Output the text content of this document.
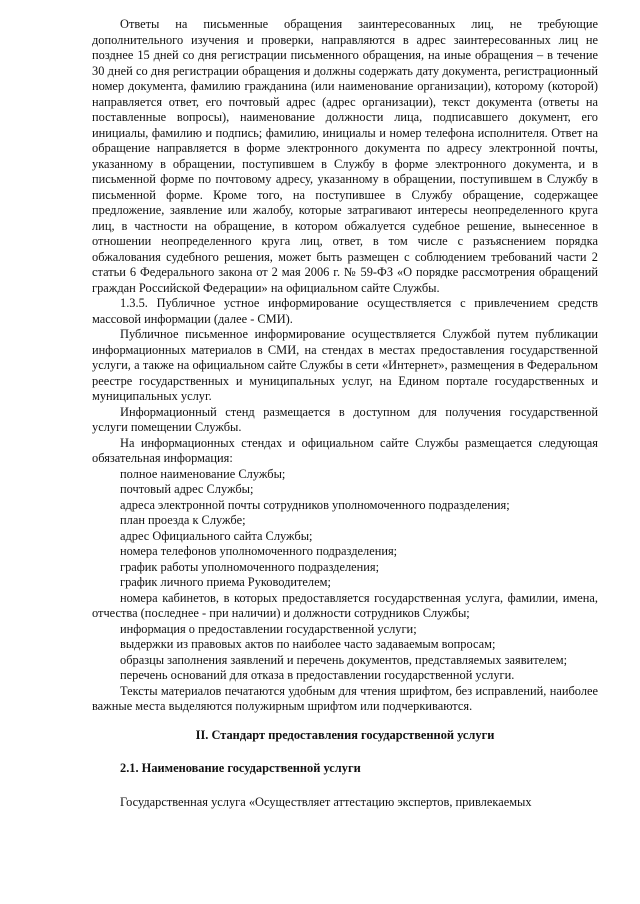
Ответы на письменные обращения заинтересованных лиц, не требующие дополнительного изучения и проверки, направляются в адрес заинтересованных лиц не позднее 15 дней со дня регистрации письменного обращения, на иные обращения – в течение 30 дней со дня регистрации обращения и должны содержать дату документа, регистрационный номер документа, фамилию гражданина (или наименование организации), которому (которой) направляется ответ, его почтовый адрес (адрес организации), текст документа (ответы на поставленные вопросы), наименование должности лица, подписавшего документ, его инициалы, фамилию и подпись; фамилию, инициалы и номер телефона исполнителя. Ответ на обращение направляется в форме электронного документа по адресу электронной почты, указанному в обращении, поступившем в Службу в форме электронного документа, и в письменной форме по почтовому адресу, указанному в обращении, поступившем в Службу в письменной форме. Кроме того, на поступившее в Службу обращение, содержащее предложение, заявление или жалобу, которые затрагивают интересы неопределенного круга лиц, в частности на обращение, в котором обжалуется судебное решение, вынесенное в отношении неопределенного круга лиц, ответ, в том числе с разъяснением порядка обжалования судебного решения, может быть размещен с соблюдением требований части 2 статьи 6 Федерального закона от 2 мая 2006 г. № 59-ФЗ «О порядке рассмотрения обращений граждан Российской Федерации» на официальном сайте Службы.

1.3.5. Публичное устное информирование осуществляется с привлечением средств массовой информации (далее - СМИ).

Публичное письменное информирование осуществляется Службой путем публикации информационных материалов в СМИ, на стендах в местах предоставления государственной услуги, а также на официальном сайте Службы в сети «Интернет», размещения в Федеральном реестре государственных и муниципальных услуг, на Едином портале государственных и муниципальных услуг.

Информационный стенд размещается в доступном для получения государственной услуги помещении Службы.

На информационных стендах и официальном сайте Службы размещается следующая обязательная информация:

полное наименование Службы;

почтовый адрес Службы;

адреса электронной почты сотрудников уполномоченного подразделения;

план проезда к Службе;

адрес Официального сайта Службы;

номера телефонов уполномоченного подразделения;

график работы уполномоченного подразделения;

график личного приема Руководителем;

номера кабинетов, в которых предоставляется государственная услуга, фамилии, имена, отчества (последнее - при наличии) и должности сотрудников Службы;

информация о предоставлении государственной услуги;

выдержки из правовых актов по наиболее часто задаваемым вопросам;

образцы заполнения заявлений и перечень документов, представляемых заявителем;

перечень оснований для отказа в предоставлении государственной услуги.

Тексты материалов печатаются удобным для чтения шрифтом, без исправлений, наиболее важные места выделяются полужирным шрифтом или подчеркиваются.

II. Стандарт предоставления государственной услуги

2.1. Наименование государственной услуги

Государственная услуга «Осуществляет аттестацию экспертов, привлекаемых
